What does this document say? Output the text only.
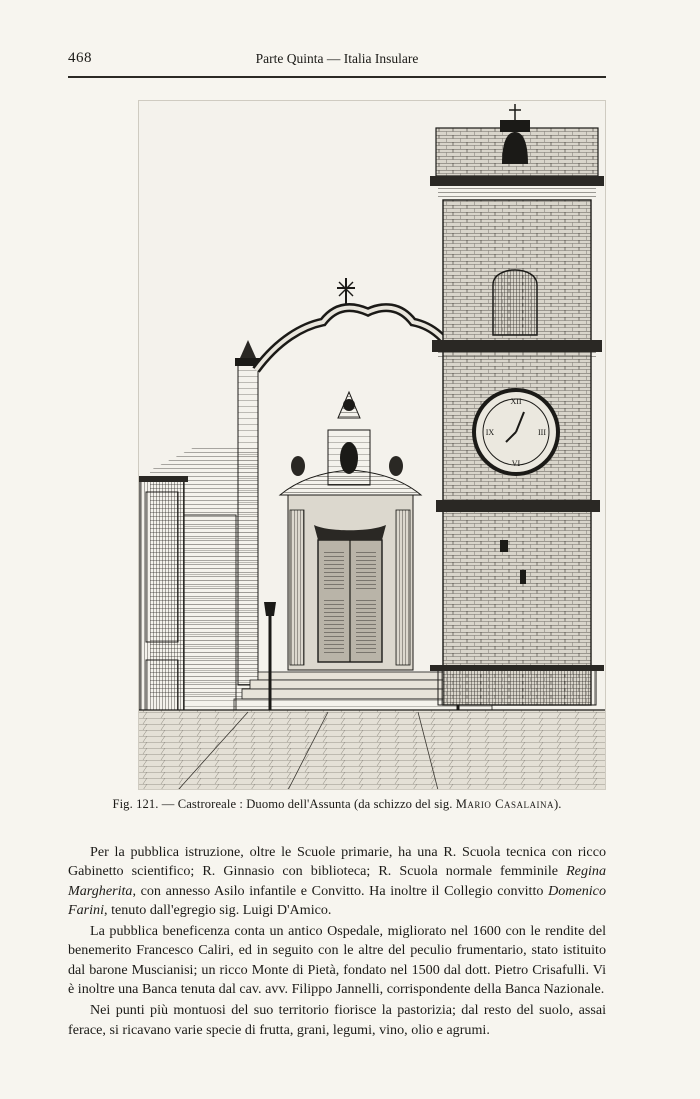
468	Parte Quinta — Italia Insulare
XII
III
VI
IX
Fig. 121. — Castroreale : Duomo dell'Assunta (da schizzo del sig. Mario Casalaina).

Per la pubblica istruzione, oltre le Scuole primarie, ha una R. Scuola tecnica con ricco Gabinetto scientifico; R. Ginnasio con biblioteca; R. Scuola normale femminile Regina Margherita, con annesso Asilo infantile e Convitto. Ha inoltre il Collegio convitto Domenico Farini, tenuto dall'egregio sig. Luigi D'Amico.

La pubblica beneficenza conta un antico Ospedale, migliorato nel 1600 con le rendite del benemerito Francesco Caliri, ed in seguito con le altre del peculio frumentario, stato istituito dal barone Muscianisi; un ricco Monte di Pietà, fondato nel 1500 dal dott. Pietro Crisafulli. Vi è inoltre una Banca tenuta dal cav. avv. Filippo Jannelli, corrispondente della Banca Nazionale.

Nei punti più montuosi del suo territorio fiorisce la pastorizia; dal resto del suolo, assai ferace, si ricavano varie specie di frutta, grani, legumi, vino, olio e agrumi.
